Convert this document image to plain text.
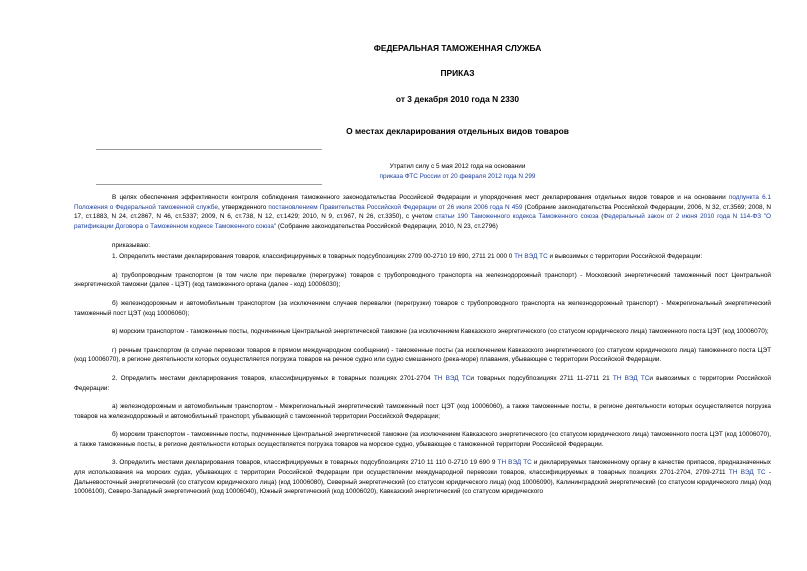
ФЕДЕРАЛЬНАЯ ТАМОЖЕННАЯ СЛУЖБА
ПРИКАЗ
от 3 декабря 2010 года N 2330
О местах декларирования отдельных видов товаров
Утратил силу с 5 мая 2012 года на основании
приказа ФТС России от 20 февраля 2012 года N 299

В целях обеспечения эффективности контроля соблюдения таможенного законодательства Российской Федерации и упорядочения мест декларирования отдельных видов товаров и на основании подпункта 6.1 Положения о Федеральной таможенной службе, утвержденного постановлением Правительства Российской Федерации от 26 июля 2006 года N 459 (Собрание законодательства Российской Федерации, 2006, N 32, ст.3569; 2008, N 17, ст.1883, N 24, ст.2867, N 46, ст.5337; 2009, N 6, ст.738, N 12, ст.1429; 2010, N 9, ст.967, N 26, ст.3350), с учетом статьи 190 Таможенного кодекса Таможенного союза (Федеральный закон от 2 июня 2010 года N 114-ФЗ "О ратификации Договора о Таможенном кодексе Таможенного союза" (Собрание законодательства Российской Федерации, 2010, N 23, ст.2796)

приказываю:

1. Определить местами декларирования товаров, классифицируемых в товарных подсубпозициях 2709 00-2710 19 690, 2711 21 000 0 ТН ВЭД ТС и вывозимых с территории Российской Федерации:

а) трубопроводным транспортом (в том числе при перевалке (перегрузке) товаров с трубопроводного транспорта на железнодорожный транспорт) - Московский энергетический таможенный пост Центральной энергетической таможни (далее - ЦЭТ) (код таможенного органа (далее - код) 10006030);

б) железнодорожным и автомобильным транспортом (за исключением случаев перевалки (перегрузки) товаров с трубопроводного транспорта на железнодорожный транспорт) - Межрегиональный энергетический таможенный пост ЦЭТ (код 10006060);

в) морским транспортом - таможенные посты, подчиненные Центральной энергетической таможне (за исключением Кавказского энергетического (со статусом юридического лица) таможенного поста ЦЭТ (код 10006070);

г) речным транспортом (в случае перевозки товаров в прямом международном сообщении) - таможенные посты (за исключением Кавказского энергетического (со статусом юридического лица) таможенного поста ЦЭТ (код 10006070), в регионе деятельности которых осуществляется погрузка товаров на речное судно или судно смешанного (река-море) плавания, убывающее с территории Российской Федерации.

2. Определить местами декларирования товаров, классифицируемых в товарных позициях 2701-2704 ТН ВЭД ТСи товарных подсубпозициях 2711 11-2711 21 ТН ВЭД ТСи вывозимых с территории Российской Федерации:

а) железнодорожным и автомобильным транспортом - Межрегиональный энергетический таможенный пост ЦЭТ (код 10006060), а также таможенные посты, в регионе деятельности которых осуществляется погрузка товаров на железнодорожный и автомобильный транспорт, убывающий с таможенной территории Российской Федерации;

б) морским транспортом - таможенные посты, подчиненные Центральной энергетической таможне (за исключением Кавказского энергетического (со статусом юридического лица) таможенного поста ЦЭТ (код 10006070), а также таможенные посты, в регионе деятельности которых осуществляется погрузка товаров на морское судно, убывающее с таможенной территории Российской Федерации.

3. Определить местами декларирования товаров, классифицируемых в товарных подсубпозициях 2710 11 110 0-2710 19 690 9 ТН ВЭД ТС и декларируемых таможенному органу в качестве припасов, предназначенных для использования на морских судах, убывающих с территории Российской Федерации при осуществлении международной перевозки товаров, классифицируемых в товарных позициях 2701-2704, 2709-2711 ТН ВЭД ТС - Дальневосточный энергетический (со статусом юридического лица) (код 10006080), Северный энергетический (со статусом юридического лица) (код 10006090), Калининградский энергетический (со статусом юридического лица) (код 10006100), Северо-Западный энергетический (код 10006040), Южный энергетический (код 10006020), Кавказский энергетический (со статусом юридического
